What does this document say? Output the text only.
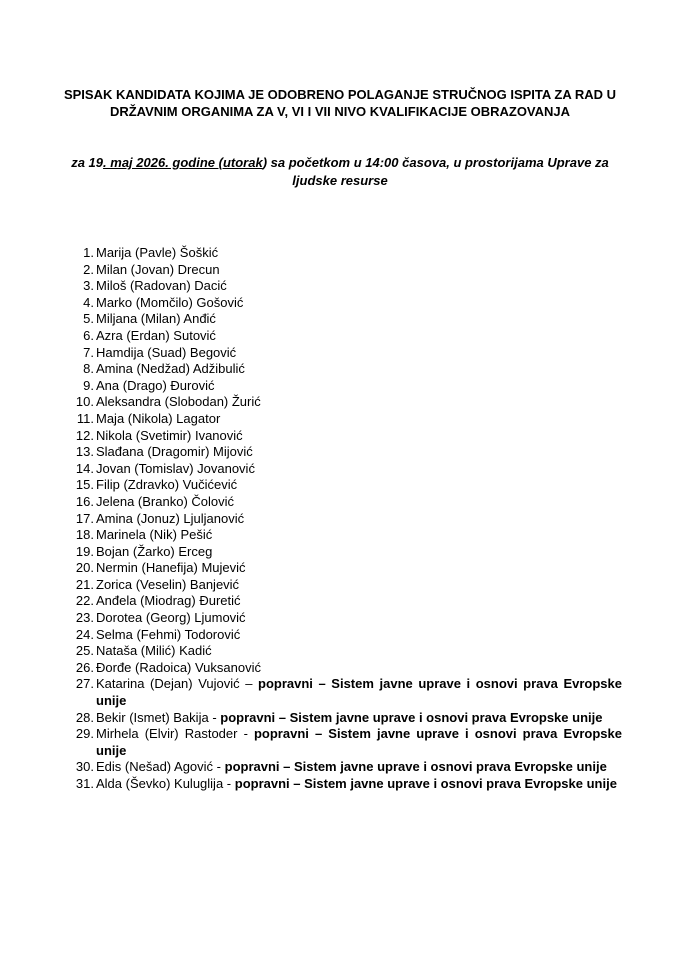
SPISAK KANDIDATA KOJIMA JE ODOBRENO POLAGANJE STRUČNOG ISPITA ZA RAD U DRŽAVNIM ORGANIMA ZA V, VI I VII NIVO KVALIFIKACIJE OBRAZOVANJA

za 19. maj 2026. godine (utorak) sa početkom u 14:00 časova, u prostorijama Uprave za ljudske resurse

1. Marija (Pavle) Šoškić
2. Milan (Jovan) Drecun
3. Miloš (Radovan) Dacić
4. Marko (Momčilo) Gošović
5. Miljana (Milan) Anđić
6. Azra (Erdan) Sutović
7. Hamdija (Suad) Begović
8. Amina (Nedžad) Adžibulić
9. Ana (Drago) Đurović
10. Aleksandra (Slobodan) Žurić
11. Maja (Nikola) Lagator
12. Nikola (Svetimir) Ivanović
13. Slađana (Dragomir) Mijović
14. Jovan (Tomislav) Jovanović
15. Filip (Zdravko) Vučićević
16. Jelena (Branko) Čolović
17. Amina (Jonuz) Ljuljanović
18. Marinela (Nik) Pešić
19. Bojan (Žarko) Erceg
20. Nermin (Hanefija) Mujević
21. Zorica (Veselin) Banjević
22. Anđela (Miodrag) Đuretić
23. Dorotea (Georg) Ljumović
24. Selma (Fehmi) Todorović
25. Nataša (Milić) Kadić
26. Đorđe (Radoica) Vuksanović
27. Katarina (Dejan) Vujović – popravni – Sistem javne uprave i osnovi prava Evropske unije
28. Bekir (Ismet) Bakija - popravni – Sistem javne uprave i osnovi prava Evropske unije
29. Mirhela (Elvir) Rastoder - popravni – Sistem javne uprave i osnovi prava Evropske unije
30. Edis (Nešad) Agović - popravni – Sistem javne uprave i osnovi prava Evropske unije
31. Alda (Ševko) Kuluglija - popravni – Sistem javne uprave i osnovi prava Evropske unije
